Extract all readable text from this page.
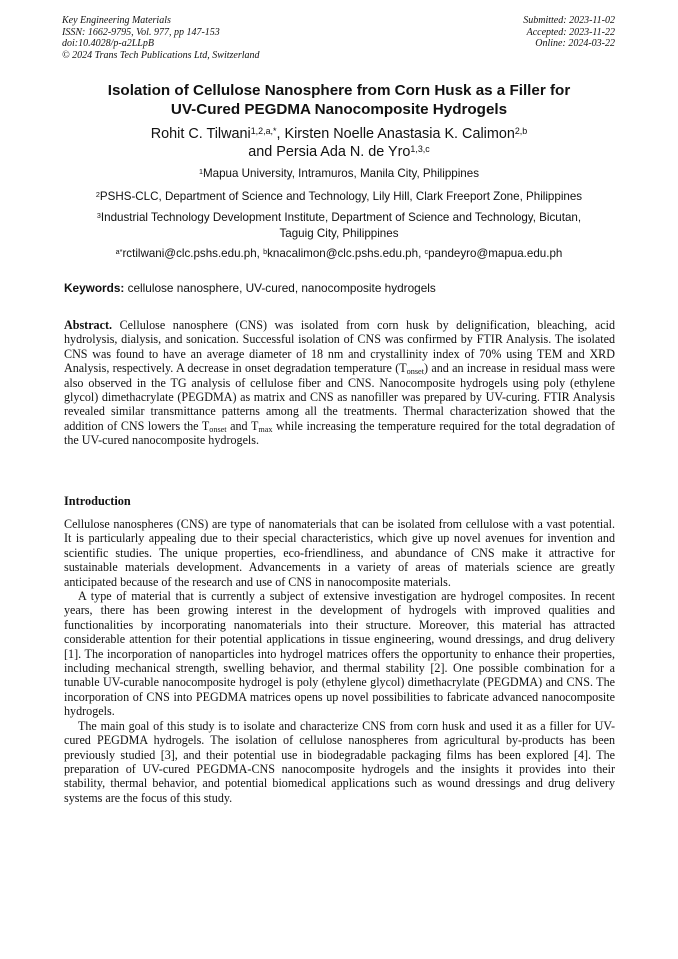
Key Engineering Materials
ISSN: 1662-9795, Vol. 977, pp 147-153
doi:10.4028/p-a2LLpB
© 2024 Trans Tech Publications Ltd, Switzerland
Submitted: 2023-11-02
Accepted: 2023-11-22
Online: 2024-03-22
Isolation of Cellulose Nanosphere from Corn Husk as a Filler for
UV-Cured PEGDMA Nanocomposite Hydrogels
Rohit C. Tilwani$^{1,2,a,*}$, Kirsten Noelle Anastasia K. Calimon$^{2,b}$
and Persia Ada N. de Yro$^{1,3,c}$
$^1$Mapua University, Intramuros, Manila City, Philippines
$^2$PSHS-CLC, Department of Science and Technology, Lily Hill, Clark Freeport Zone, Philippines
$^3$Industrial Technology Development Institute, Department of Science and Technology, Bicutan,
Taguig City, Philippines
$^{a*}$rctilwani@clc.pshs.edu.ph, $^b$knacalimon@clc.pshs.edu.ph, $^c$pandeyro@mapua.edu.ph
Keywords: cellulose nanosphere, UV-cured, nanocomposite hydrogels
Abstract. Cellulose nanosphere (CNS) was isolated from corn husk by delignification, bleaching, acid hydrolysis, dialysis, and sonication. Successful isolation of CNS was confirmed by FTIR Analysis. The isolated CNS was found to have an average diameter of 18 nm and crystallinity index of 70% using TEM and XRD Analysis, respectively. A decrease in onset degradation temperature $(T_{onset})$ and an increase in residual mass were also observed in the TG analysis of cellulose fiber and CNS. Nanocomposite hydrogels using poly (ethylene glycol) dimethacrylate (PEGDMA) as matrix and CNS as nanofiller was prepared by UV-curing. FTIR Analysis revealed similar transmittance patterns among all the treatments. Thermal characterization showed that the addition of CNS lowers the $T_{onset}$ and $T_{max}$ while increasing the temperature required for the total degradation of the UV-cured nanocomposite hydrogels.
Introduction

Cellulose nanospheres (CNS) are type of nanomaterials that can be isolated from cellulose with a vast potential. It is particularly appealing due to their special characteristics, which give up novel avenues for invention and scientific studies. The unique properties, eco-friendliness, and abundance of CNS make it attractive for sustainable materials development. Advancements in a variety of areas of materials science are greatly anticipated because of the research and use of CNS in nanocomposite materials.

A type of material that is currently a subject of extensive investigation are hydrogel composites. In recent years, there has been growing interest in the development of hydrogels with improved qualities and functionalities by incorporating nanomaterials into their structure. Moreover, this material has attracted considerable attention for their potential applications in tissue engineering, wound dressings, and drug delivery [1]. The incorporation of nanoparticles into hydrogel matrices offers the opportunity to enhance their properties, including mechanical strength, swelling behavior, and thermal stability [2]. One possible combination for a tunable UV-curable nanocomposite hydrogel is poly (ethylene glycol) dimethacrylate (PEGDMA) and CNS. The incorporation of CNS into PEGDMA matrices opens up novel possibilities to fabricate advanced nanocomposite hydrogels.

The main goal of this study is to isolate and characterize CNS from corn husk and used it as a filler for UV-cured PEGDMA hydrogels. The isolation of cellulose nanospheres from agricultural by-products has been previously studied [3], and their potential use in biodegradable packaging films has been explored [4]. The preparation of UV-cured PEGDMA-CNS nanocomposite hydrogels and the insights it provides into their stability, thermal behavior, and potential biomedical applications such as wound dressings and drug delivery systems are the focus of this study.
